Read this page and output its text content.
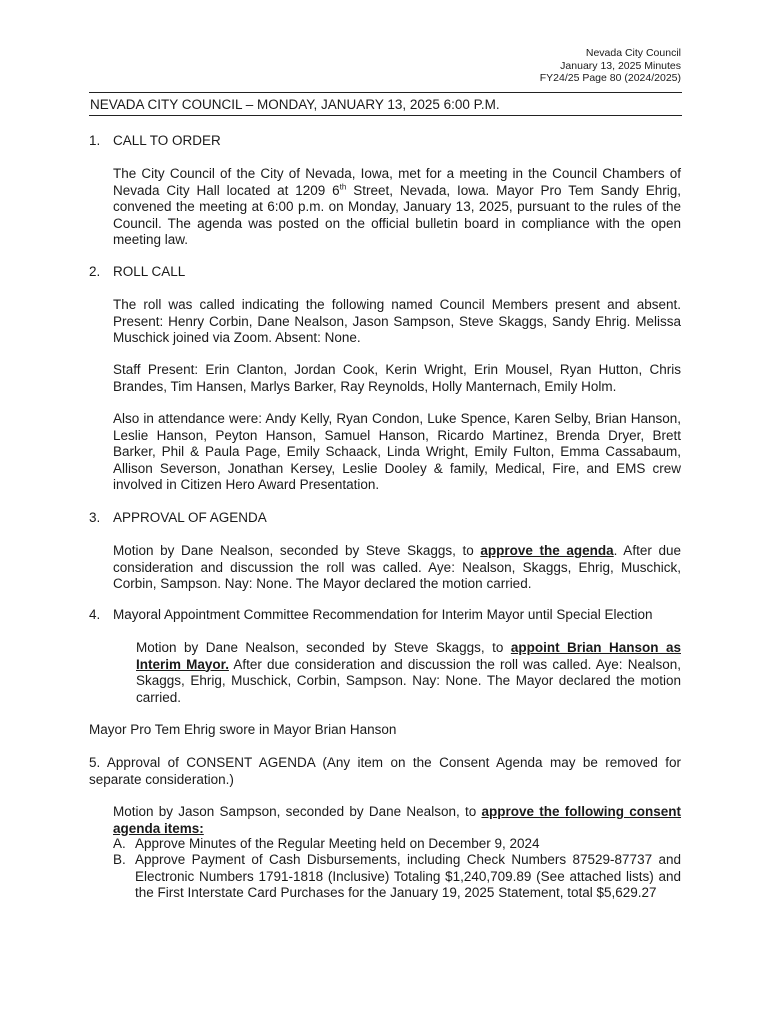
Nevada City Council
January 13, 2025 Minutes
FY24/25 Page 80 (2024/2025)
NEVADA CITY COUNCIL – MONDAY, JANUARY 13, 2025 6:00 P.M.
1. CALL TO ORDER
The City Council of the City of Nevada, Iowa, met for a meeting in the Council Chambers of Nevada City Hall located at 1209 6th Street, Nevada, Iowa. Mayor Pro Tem Sandy Ehrig, convened the meeting at 6:00 p.m. on Monday, January 13, 2025, pursuant to the rules of the Council. The agenda was posted on the official bulletin board in compliance with the open meeting law.
2. ROLL CALL
The roll was called indicating the following named Council Members present and absent. Present: Henry Corbin, Dane Nealson, Jason Sampson, Steve Skaggs, Sandy Ehrig. Melissa Muschick joined via Zoom. Absent: None.
Staff Present: Erin Clanton, Jordan Cook, Kerin Wright, Erin Mousel, Ryan Hutton, Chris Brandes, Tim Hansen, Marlys Barker, Ray Reynolds, Holly Manternach, Emily Holm.
Also in attendance were: Andy Kelly, Ryan Condon, Luke Spence, Karen Selby, Brian Hanson, Leslie Hanson, Peyton Hanson, Samuel Hanson, Ricardo Martinez, Brenda Dryer, Brett Barker, Phil & Paula Page, Emily Schaack, Linda Wright, Emily Fulton, Emma Cassabaum, Allison Severson, Jonathan Kersey, Leslie Dooley & family, Medical, Fire, and EMS crew involved in Citizen Hero Award Presentation.
3. APPROVAL OF AGENDA
Motion by Dane Nealson, seconded by Steve Skaggs, to approve the agenda. After due consideration and discussion the roll was called. Aye: Nealson, Skaggs, Ehrig, Muschick, Corbin, Sampson. Nay: None. The Mayor declared the motion carried.
4. Mayoral Appointment Committee Recommendation for Interim Mayor until Special Election
Motion by Dane Nealson, seconded by Steve Skaggs, to appoint Brian Hanson as Interim Mayor. After due consideration and discussion the roll was called. Aye: Nealson, Skaggs, Ehrig, Muschick, Corbin, Sampson. Nay: None. The Mayor declared the motion carried.
Mayor Pro Tem Ehrig swore in Mayor Brian Hanson
5. Approval of CONSENT AGENDA (Any item on the Consent Agenda may be removed for separate consideration.)
Motion by Jason Sampson, seconded by Dane Nealson, to approve the following consent agenda items:
A. Approve Minutes of the Regular Meeting held on December 9, 2024
B. Approve Payment of Cash Disbursements, including Check Numbers 87529-87737 and Electronic Numbers 1791-1818 (Inclusive) Totaling $1,240,709.89 (See attached lists) and the First Interstate Card Purchases for the January 19, 2025 Statement, total $5,629.27
